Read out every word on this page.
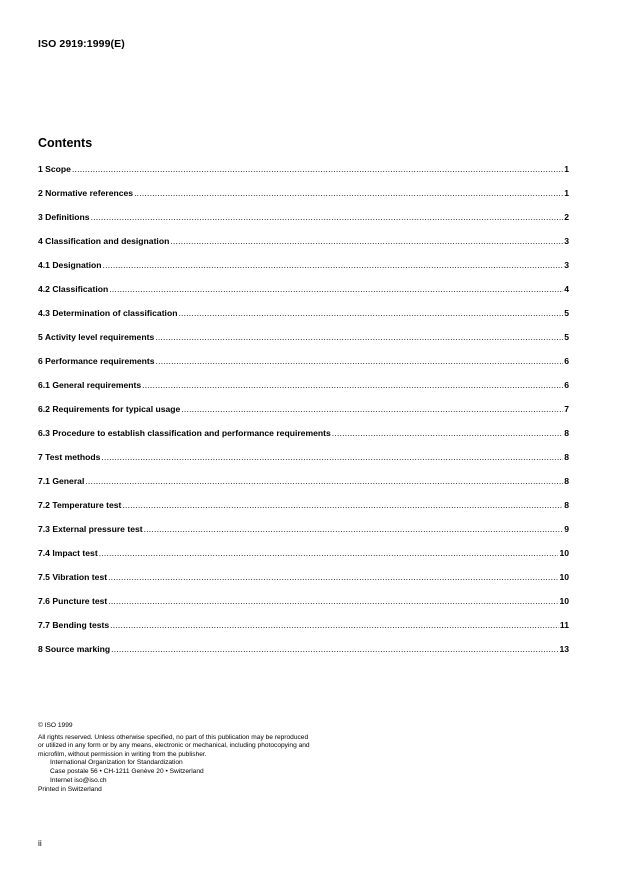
ISO 2919:1999(E)
Contents
1 Scope .....	1
2 Normative references .....	1
3 Definitions .....	2
4 Classification and designation .....	3
4.1 Designation .....	3
4.2 Classification .....	4
4.3 Determination of classification .....	5
5 Activity level requirements .....	5
6 Performance requirements .....	6
6.1 General requirements .....	6
6.2 Requirements for typical usage .....	7
6.3 Procedure to establish classification and performance requirements .....	8
7 Test methods .....	8
7.1 General .....	8
7.2 Temperature test .....	8
7.3 External pressure test .....	9
7.4 Impact test .....	10
7.5 Vibration test .....	10
7.6 Puncture test .....	10
7.7 Bending tests .....	11
8 Source marking .....	13

© ISO 1999

All rights reserved. Unless otherwise specified, no part of this publication may be reproduced

or utilized in any form or by any means, electronic or mechanical, including photocopying and

microfilm, without permission in writing from the publisher.

International Organization for Standardization

Case postale 56 • CH-1211 Genève 20 • Switzerland

Internet iso@iso.ch

Printed in Switzerland

ii
